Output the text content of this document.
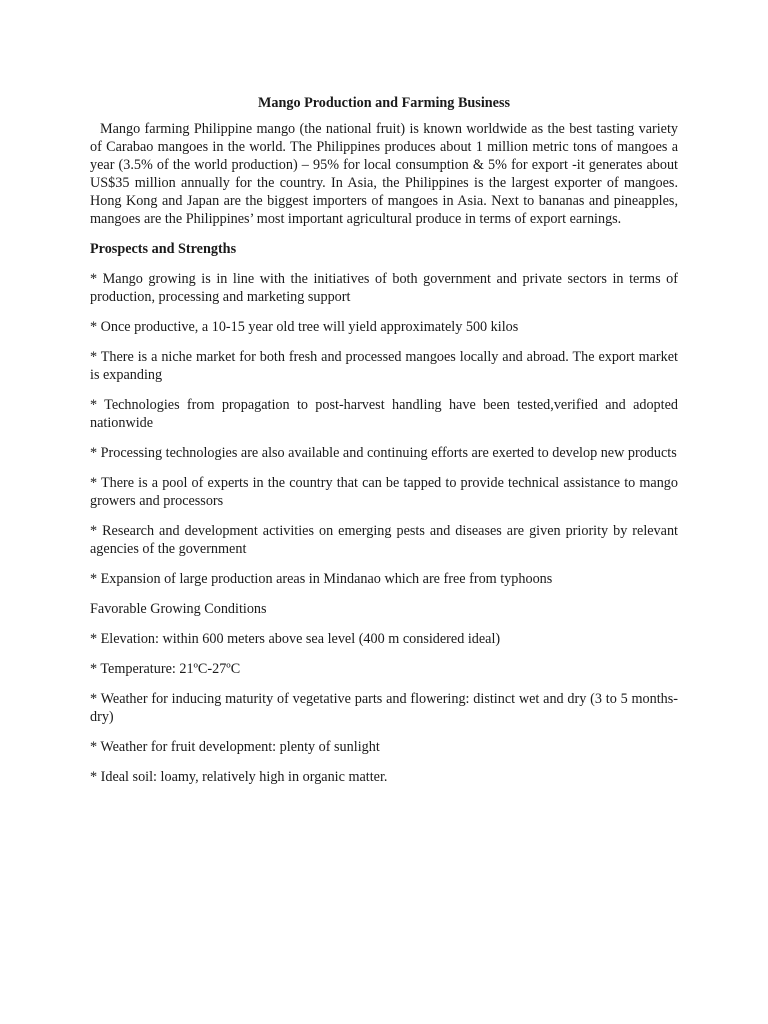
Mango Production and Farming Business
Mango farming Philippine mango (the national fruit) is known worldwide as the best tasting variety of Carabao mangoes in the world. The Philippines produces about 1 million metric tons of mangoes a year (3.5% of the world production) – 95% for local consumption & 5% for export -it generates about US$35 million annually for the country. In Asia, the Philippines is the largest exporter of mangoes. Hong Kong and Japan are the biggest importers of mangoes in Asia. Next to bananas and pineapples, mangoes are the Philippines’ most important agricultural produce in terms of export earnings.
Prospects and Strengths
* Mango growing is in line with the initiatives of both government and private sectors in terms of production, processing and marketing support
* Once productive, a 10-15 year old tree will yield approximately 500 kilos
* There is a niche market for both fresh and processed mangoes locally and abroad. The export market is expanding
* Technologies from propagation to post-harvest handling have been tested,verified and adopted nationwide
* Processing technologies are also available and continuing efforts are exerted to develop new products
* There is a pool of experts in the country that can be tapped to provide technical assistance to mango growers and processors
* Research and development activities on emerging pests and diseases are given priority by relevant agencies of the government
* Expansion of large production areas in Mindanao which are free from typhoons
Favorable Growing Conditions
* Elevation: within 600 meters above sea level (400 m considered ideal)
* Temperature: 21ºC-27ºC
* Weather for inducing maturity of vegetative parts and flowering: distinct wet and dry (3 to 5 months-dry)
* Weather for fruit development: plenty of sunlight
* Ideal soil: loamy, relatively high in organic matter.
